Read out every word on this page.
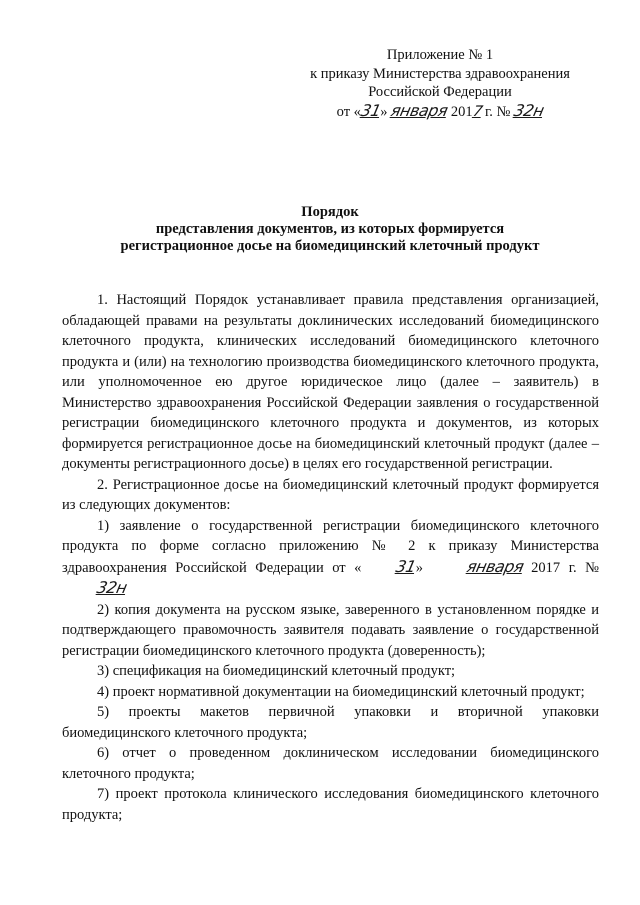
Приложение № 1
к приказу Министерства здравоохранения
Российской Федерации
от «31» января 2017 г. № 32н
Порядок
представления документов, из которых формируется
регистрационное досье на биомедицинский клеточный продукт

1. Настоящий Порядок устанавливает правила представления организацией, обладающей правами на результаты доклинических исследований биомедицинского клеточного продукта, клинических исследований биомедицинского клеточного продукта и (или) на технологию производства биомедицинского клеточного продукта, или уполномоченное ею другое юридическое лицо (далее – заявитель) в Министерство здравоохранения Российской Федерации заявления о государственной регистрации биомедицинского клеточного продукта и документов, из которых формируется регистрационное досье на биомедицинский клеточный продукт (далее – документы регистрационного досье) в целях его государственной регистрации.

2. Регистрационное досье на биомедицинский клеточный продукт формируется из следующих документов:

1) заявление о государственной регистрации биомедицинского клеточного продукта по форме согласно приложению № 2 к приказу Министерства здравоохранения Российской Федерации от « 31» января 2017 г. № 32н

2) копия документа на русском языке, заверенного в установленном порядке и подтверждающего правомочность заявителя подавать заявление о государственной регистрации биомедицинского клеточного продукта (доверенность);

3) спецификация на биомедицинский клеточный продукт;

4) проект нормативной документации на биомедицинский клеточный продукт;

5) проекты макетов первичной упаковки и вторичной упаковки биомедицинского клеточного продукта;

6) отчет о проведенном доклиническом исследовании биомедицинского клеточного продукта;

7) проект протокола клинического исследования биомедицинского клеточного продукта;
